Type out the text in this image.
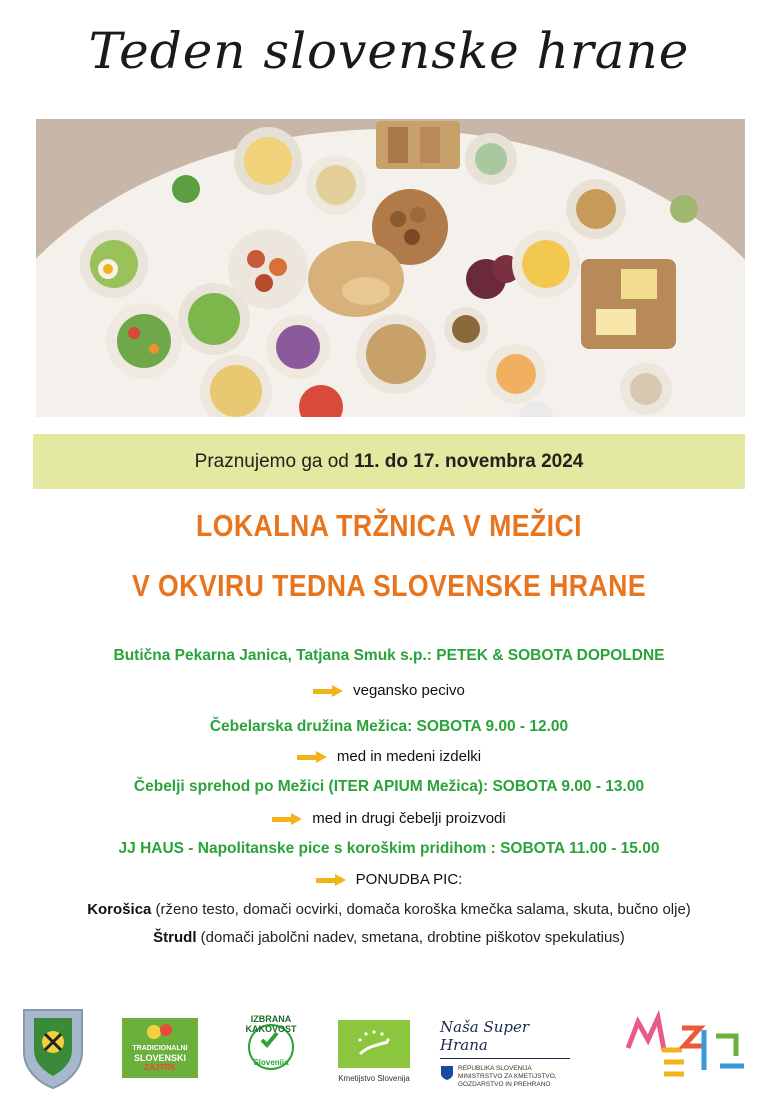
Teden slovenske hrane
Praznujemo ga od 11. do 17. novembra 2024
LOKALNA TRŽNICA V MEŽICI
V OKVIRU TEDNA SLOVENSKE HRANE
Butična Pekarna Janica, Tatjana Smuk s.p.: PETEK & SOBOTA DOPOLDNE
vegansko pecivo
Čebelarska družina Mežica: SOBOTA 9.00 - 12.00
med in medeni izdelki
Čebelji sprehod po Mežici (ITER APIUM Mežica): SOBOTA 9.00 - 13.00
med in drugi čebelji proizvodi
JJ HAUS - Napolitanske pice s koroškim pridihom : SOBOTA 11.00 - 15.00
PONUDBA PIC:
Korošica (rženo testo, domači ocvirki, domača koroška kmečka salama, skuta, bučno olje)
Štrudl (domači jabolčni nadev, smetana, drobtine piškotov spekulatius)
TRADICIONALNI
SLOVENSKI
ZAJTRK
IZBRANA KAKOVOST
Slovenija
Kmetijstvo Slovenija
Naša Super Hrana
REPUBLIKA SLOVENIJA
MINISTRSTVO ZA KMETIJSTVO,
GOZDARSTVO IN PREHRANO
